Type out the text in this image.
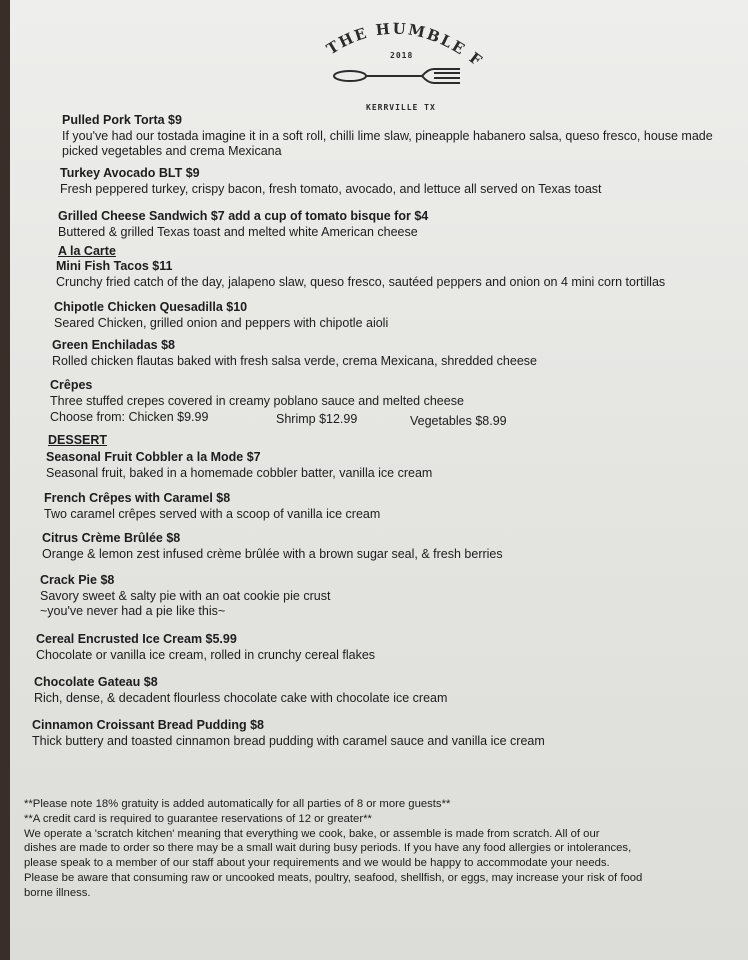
THE HUMBLE F
2018
KERRVILLE TX
Pulled Pork Torta $9
If you've had our tostada imagine it in a soft roll, chilli lime slaw, pineapple habanero salsa, queso fresco, house made picked vegetables and crema Mexicana
Turkey Avocado BLT $9
Fresh peppered turkey, crispy bacon, fresh tomato, avocado, and lettuce all served on Texas toast
Grilled Cheese Sandwich $7 add a cup of tomato bisque for $4
Buttered & grilled Texas toast and melted white American cheese
A la Carte
Mini Fish Tacos $11
Crunchy fried catch of the day, jalapeno slaw, queso fresco, sautéed peppers and onion on 4 mini corn tortillas
Chipotle Chicken Quesadilla $10
Seared Chicken, grilled onion and peppers with chipotle aioli
Green Enchiladas $8
Rolled chicken flautas baked with fresh salsa verde, crema Mexicana, shredded cheese
Crêpes
Three stuffed crepes covered in creamy poblano sauce and melted cheese
Choose from: Chicken $9.99	Shrimp $12.99	Vegetables $8.99
DESSERT
Seasonal Fruit Cobbler a la Mode $7
Seasonal fruit, baked in a homemade cobbler batter, vanilla ice cream
French Crêpes with Caramel $8
Two caramel crêpes served with a scoop of vanilla ice cream
Citrus Crème Brûlée $8
Orange & lemon zest infused crème brûlée with a brown sugar seal, & fresh berries
Crack Pie $8
Savory sweet & salty pie with an oat cookie pie crust
~you've never had a pie like this~
Cereal Encrusted Ice Cream $5.99
Chocolate or vanilla ice cream, rolled in crunchy cereal flakes
Chocolate Gateau $8
Rich, dense, & decadent flourless chocolate cake with chocolate ice cream
Cinnamon Croissant Bread Pudding $8
Thick buttery and toasted cinnamon bread pudding with caramel sauce and vanilla ice cream
**Please note 18% gratuity is added automatically for all parties of 8 or more guests**
**A credit card is required to guarantee reservations of 12 or greater**
We operate a 'scratch kitchen' meaning that everything we cook, bake, or assemble is made from scratch. All of our
dishes are made to order so there may be a small wait during busy periods. If you have any food allergies or intolerances,
please speak to a member of our staff about your requirements and we would be happy to accommodate your needs.
Please be aware that consuming raw or uncooked meats, poultry, seafood, shellfish, or eggs, may increase your risk of food
borne illness.
